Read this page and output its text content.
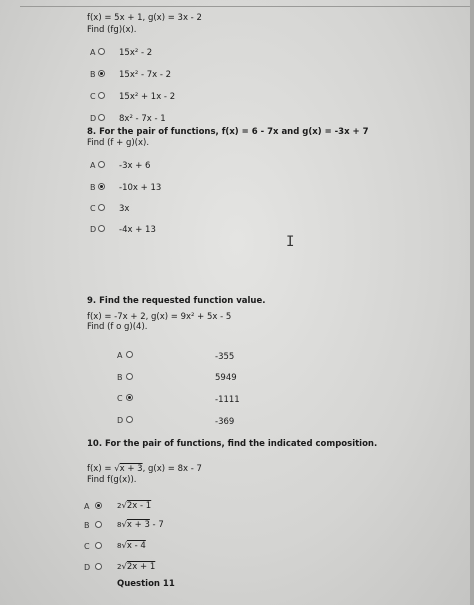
f(x) = 5x + 1, g(x) = 3x - 2
Find (fg)(x).
A	15x² - 2
B	15x² - 7x - 2
C	15x² + 1x - 2
D	8x² - 7x - 1
8. For the pair of functions, f(x) = 6 - 7x and g(x) = -3x + 7
Find (f + g)(x).
A	-3x + 6
B	-10x + 13
C	3x
D	-4x + 13
I
9. Find the requested function value.
f(x) = -7x + 2, g(x) = 9x² + 5x - 5
Find (f o g)(4).
A	-355
B	5949
C	-1111
D	-369
10. For the pair of functions, find the indicated composition.
f(x) = √x + 3, g(x) = 8x - 7
Find f(g(x)).
A	2√2x - 1
B	8√x + 3 - 7
C	8√x - 4
D	2√2x + 1
Question 11
